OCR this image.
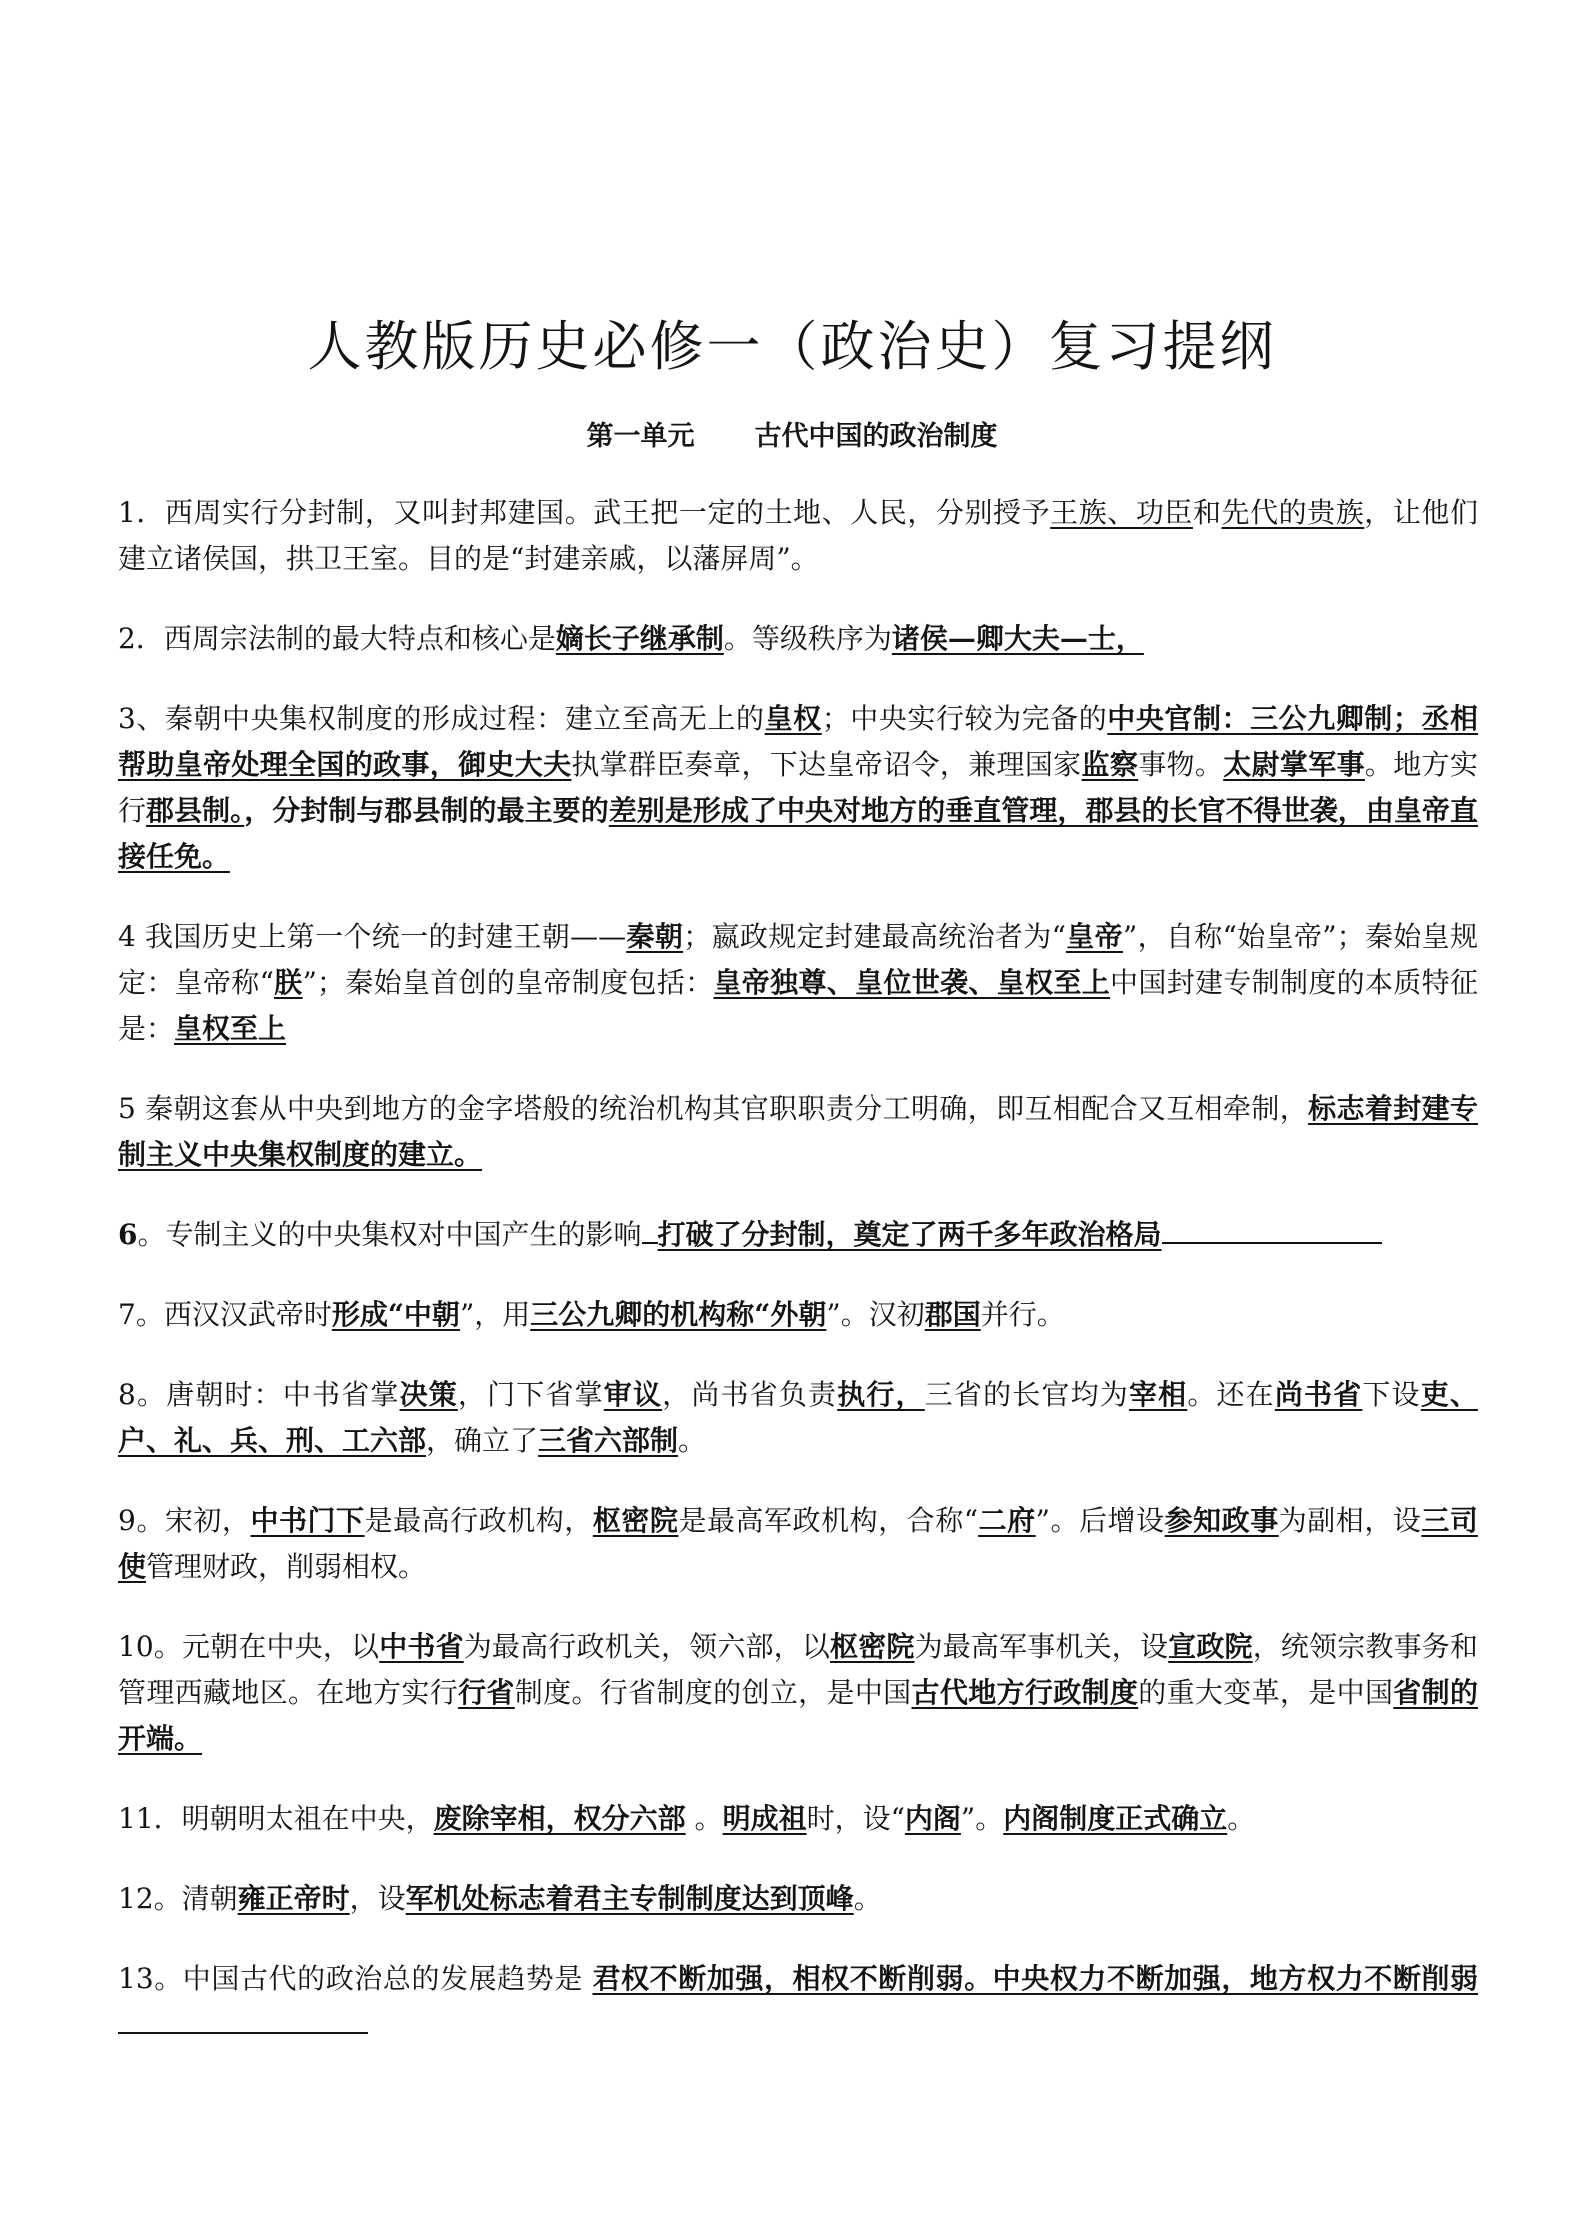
人教版历史必修一（政治史）复习提纲
第一单元 古代中国的政治制度

1．西周实行分封制，又叫封邦建国。武王把一定的土地、人民，分别授予王族、功臣和先代的贵族，让他们建立诸侯国，拱卫王室。目的是“封建亲戚，以藩屏周”。

2．西周宗法制的最大特点和核心是嫡长子继承制。等级秩序为诸侯—卿大夫—士，

3、秦朝中央集权制度的形成过程：建立至高无上的皇权；中央实行较为完备的中央官制：三公九卿制；丞相帮助皇帝处理全国的政事，御史大夫执掌群臣奏章，下达皇帝诏令，兼理国家监察事物。太尉掌军事。地方实行郡县制。，分封制与郡县制的最主要的差别是形成了中央对地方的垂直管理，郡县的长官不得世袭，由皇帝直接任免。

4 我国历史上第一个统一的封建王朝——秦朝；嬴政规定封建最高统治者为“皇帝”，自称“始皇帝”；秦始皇规定：皇帝称“朕”；秦始皇首创的皇帝制度包括：皇帝独尊、皇位世袭、皇权至上中国封建专制制度的本质特征是：皇权至上

5 秦朝这套从中央到地方的金字塔般的统治机构其官职职责分工明确，即互相配合又互相牵制，标志着封建专制主义中央集权制度的建立。

6。专制主义的中央集权对中国产生的影响 打破了分封制，奠定了两千多年政治格局

7。西汉汉武帝时形成“中朝”，用三公九卿的机构称“外朝”。汉初郡国并行。

8。唐朝时：中书省掌决策，门下省掌审议，尚书省负责执行，三省的长官均为宰相。还在尚书省下设吏、户、礼、兵、刑、工六部，确立了三省六部制。

9。宋初，中书门下是最高行政机构，枢密院是最高军政机构，合称“二府”。后增设参知政事为副相，设三司使管理财政，削弱相权。

10。元朝在中央，以中书省为最高行政机关，领六部，以枢密院为最高军事机关，设宣政院，统领宗教事务和管理西藏地区。在地方实行行省制度。行省制度的创立，是中国古代地方行政制度的重大变革，是中国省制的开端。

11．明朝明太祖在中央，废除宰相，权分六部 。明成祖时，设“内阁”。内阁制度正式确立。

12。清朝雍正帝时，设军机处标志着君主专制制度达到顶峰。

13。中国古代的政治总的发展趋势是 君权不断加强，相权不断削弱。中央权力不断加强，地方权力不断削弱
